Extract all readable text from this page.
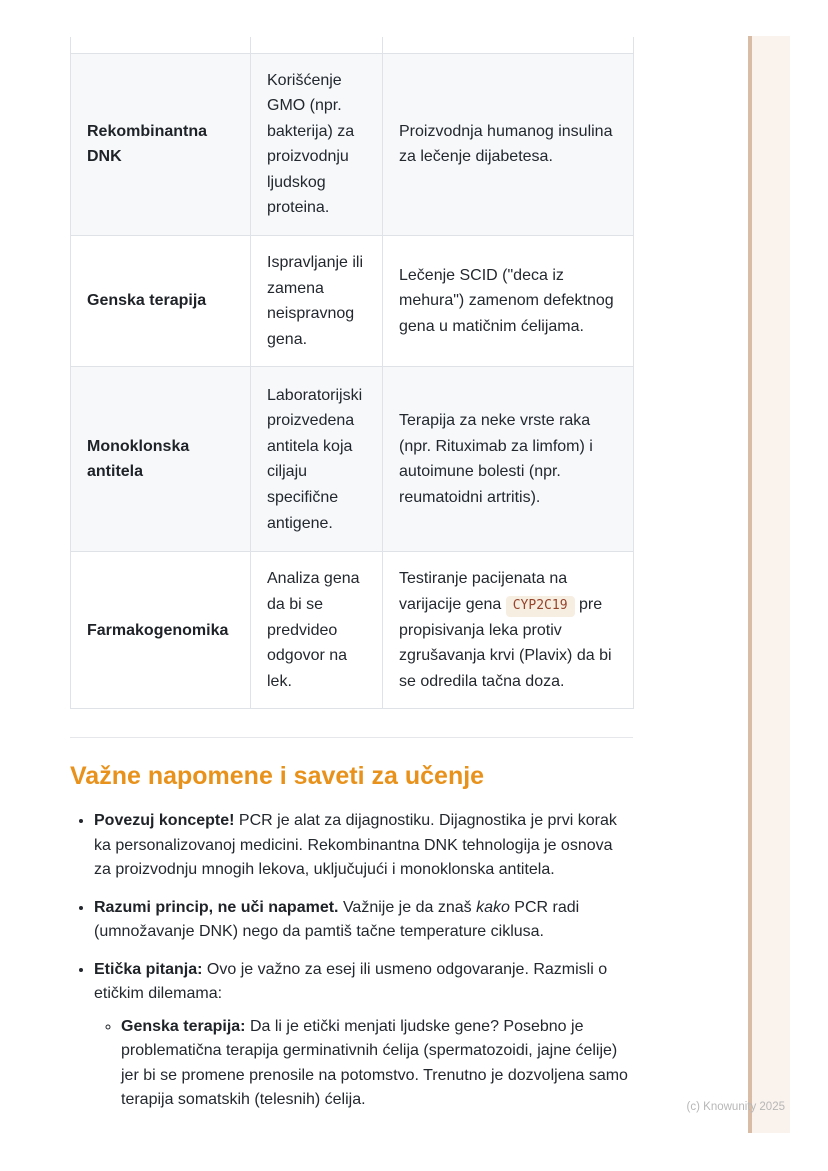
Rekombinantna DNK	Korišćenje GMO (npr. bakterija) za proizvodnju ljudskog proteina.	Proizvodnja humanog insulina za lečenje dijabetesa.
Genska terapija	Ispravljanje ili zamena neispravnog gena.	Lečenje SCID ("deca iz mehura") zamenom defektnog gena u matičnim ćelijama.
Monoklonska antitela	Laboratorijski proizvedena antitela koja ciljaju specifične antigene.	Terapija za neke vrste raka (npr. Rituximab za limfom) i autoimune bolesti (npr. reumatoidni artritis).
Farmakogenomika	Analiza gena da bi se predvideo odgovor na lek.	Testiranje pacijenata na varijacije gena CYP2C19 pre propisivanja leka protiv zgrušavanja krvi (Plavix) da bi se odredila tačna doza.
Važne napomene i saveti za učenje
• Povezuj koncepte! PCR je alat za dijagnostiku. Dijagnostika je prvi korak ka personalizovanoj medicini. Rekombinantna DNK tehnologija je osnova za proizvodnju mnogih lekova, uključujući i monoklonska antitela.
• Razumi princip, ne uči napamet. Važnije je da znaš kako PCR radi (umnožavanje DNK) nego da pamtiš tačne temperature ciklusa.
• Etička pitanja: Ovo je važno za esej ili usmeno odgovaranje. Razmisli o etičkim dilemama:
◦ Genska terapija: Da li je etički menjati ljudske gene? Posebno je problematična terapija germinativnih ćelija (spermatozoidi, jajne ćelije) jer bi se promene prenosile na potomstvo. Trenutno je dozvoljena samo terapija somatskih (telesnih) ćelija.	(c) Knowunity 2025
